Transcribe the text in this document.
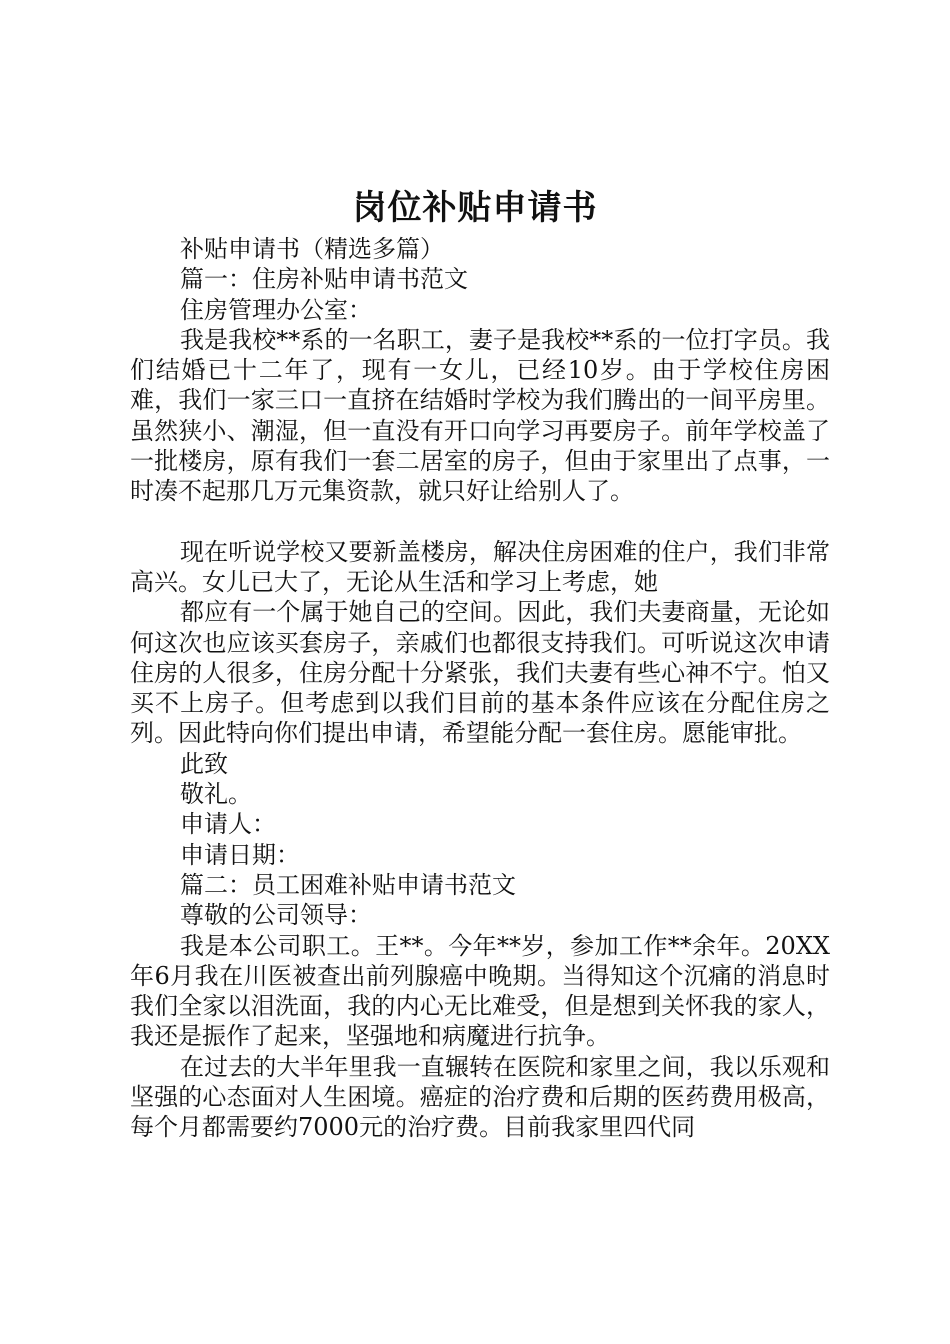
岗位补贴申请书

补贴申请书（精选多篇）

篇一：住房补贴申请书范文

住房管理办公室：

我是我校**系的一名职工，妻子是我校**系的一位打字员。我们结婚已十二年了，现有一女儿，已经10岁。由于学校住房困难，我们一家三口一直挤在结婚时学校为我们腾出的一间平房里。虽然狭小、潮湿，但一直没有开口向学习再要房子。前年学校盖了一批楼房，原有我们一套二居室的房子，但由于家里出了点事，一时凑不起那几万元集资款，就只好让给别人了。

现在听说学校又要新盖楼房，解决住房困难的住户，我们非常高兴。女儿已大了，无论从生活和学习上考虑，她

都应有一个属于她自己的空间。因此，我们夫妻商量，无论如何这次也应该买套房子，亲戚们也都很支持我们。可听说这次申请住房的人很多，住房分配十分紧张，我们夫妻有些心神不宁。怕又买不上房子。但考虑到以我们目前的基本条件应该在分配住房之列。因此特向你们提出申请，希望能分配一套住房。愿能审批。

此致

敬礼。

申请人：

申请日期：

篇二：员工困难补贴申请书范文

尊敬的公司领导：

我是本公司职工。王**。今年**岁，参加工作**余年。20XX年6月我在川医被查出前列腺癌中晚期。当得知这个沉痛的消息时我们全家以泪洗面，我的内心无比难受，但是想到关怀我的家人，我还是振作了起来，坚强地和病魔进行抗争。

在过去的大半年里我一直辗转在医院和家里之间，我以乐观和坚强的心态面对人生困境。癌症的治疗费和后期的医药费用极高，每个月都需要约7000元的治疗费。目前我家里四代同
